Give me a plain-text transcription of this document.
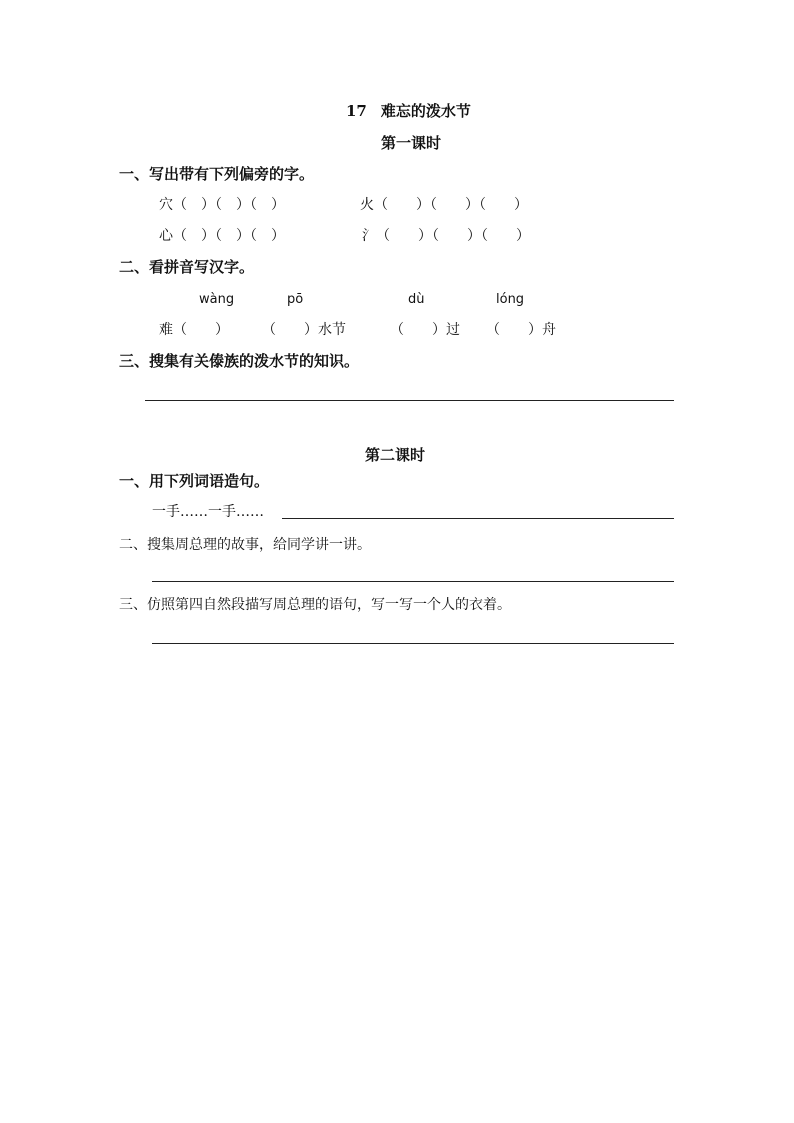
17 难忘的泼水节
第一课时
一、写出带有下列偏旁的字。
穴（　）（　）（　）	火（　　）（　　）（　　）
心（　）（　）（　）	氵（　　）（　　）（　　）
二、看拼音写汉字。
wàng	pō	dù	lóng
难（　　） （　　）水节	（　　）过 （　　）舟
三、搜集有关傣族的泼水节的知识。
第二课时
一、用下列词语造句。
一手……一手……
二、搜集周总理的故事，给同学讲一讲。
三、仿照第四自然段描写周总理的语句，写一写一个人的衣着。
